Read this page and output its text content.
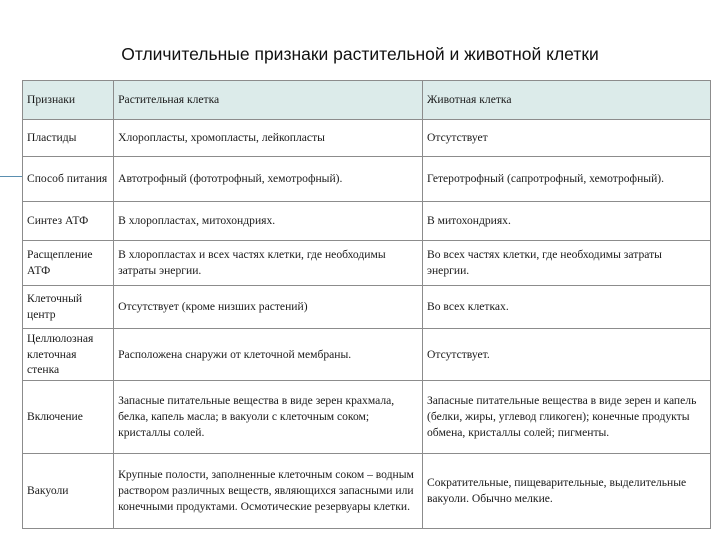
Отличительные признаки растительной и животной клетки
Признаки	Растительная клетка	Животная клетка
Пластиды	Хлоропласты, хромопласты, лейкопласты	Отсутствует
Способ питания	Автотрофный (фототрофный, хемотрофный).	Гетеротрофный (сапротрофный, хемотрофный).
Синтез АТФ	В хлоропластах, митохондриях.	В митохондриях.
Расщепление АТФ	В хлоропластах и всех частях клетки, где необходимы затраты энергии.	Во всех частях клетки, где необходимы затраты энергии.
Клеточный центр	Отсутствует (кроме низших растений)	Во всех клетках.
Целлюлозная клеточная стенка	Расположена снаружи от клеточной мембраны.	Отсутствует.
Включение	Запасные питательные вещества в виде зерен крахмала, белка, капель масла; в вакуоли с клеточным соком; кристаллы солей.	Запасные питательные вещества в виде зерен и капель (белки, жиры, углевод гликоген); конечные продукты обмена, кристаллы солей; пигменты.
Вакуоли	Крупные полости, заполненные клеточным соком – водным раствором различных веществ, являющихся запасными или конечными продуктами. Осмотические резервуары клетки.	Сократительные, пищеварительные, выделительные вакуоли. Обычно мелкие.
